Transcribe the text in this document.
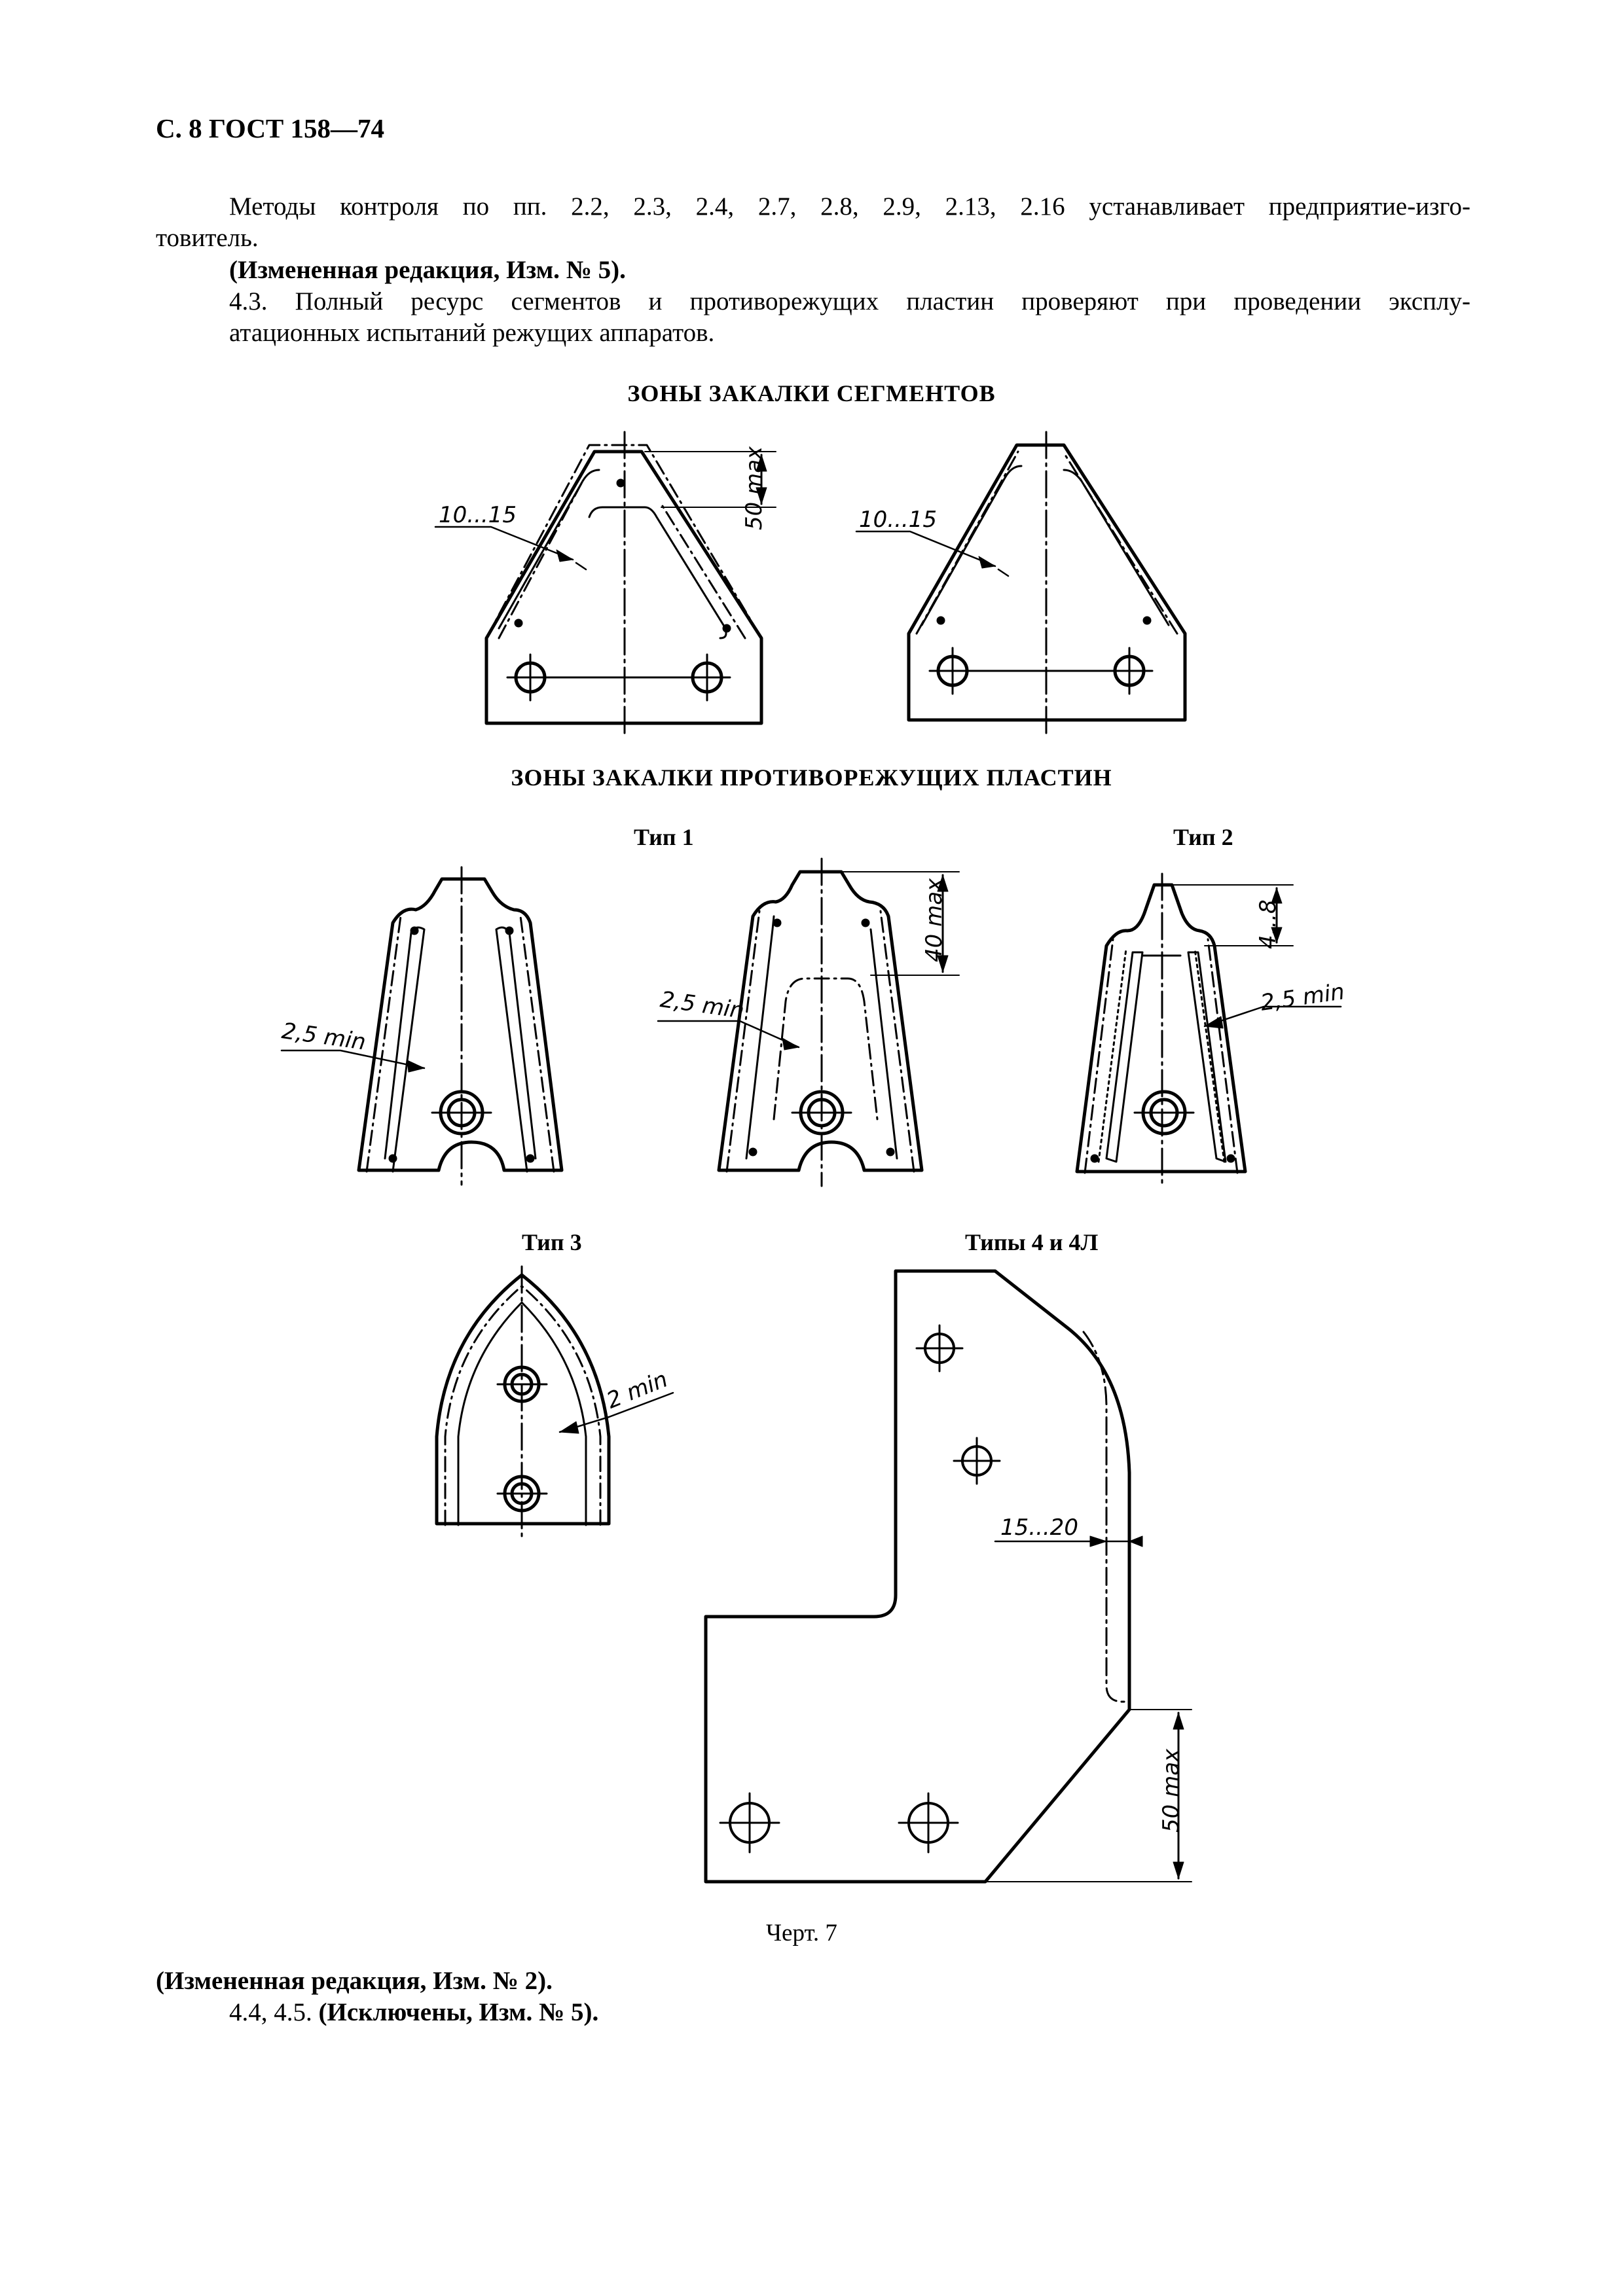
С. 8 ГОСТ 158—74
Методы контроля по пп. 2.2, 2.3, 2.4, 2.7, 2.8, 2.9, 2.13, 2.16 устанавливает предприятие-изго-
товитель.
(Измененная редакция, Изм. № 5).
4.3. Полный ресурс сегментов и противорежущих пластин проверяют при проведении эксплу-
атационных испытаний режущих аппаратов.
ЗОНЫ ЗАКАЛКИ СЕГМЕНТОВ
ЗОНЫ ЗАКАЛКИ ПРОТИВОРЕЖУЩИХ ПЛАСТИН
Тип 1	Тип 2
Тип 3	Типы 4 и 4Л
10...15	50 max	10...15
2,5 min
2,5 min
40 max	4...8
2,5 min
2 min
15...20
50 max
Черт. 7
(Измененная редакция, Изм. № 2).
4.4, 4.5. (Исключены, Изм. № 5).
